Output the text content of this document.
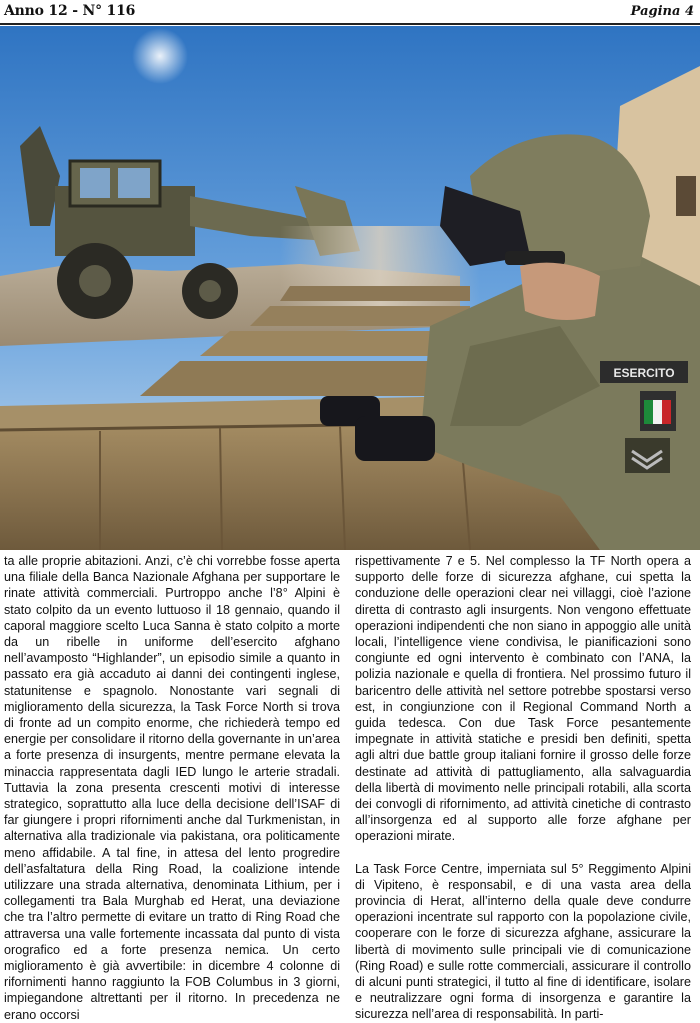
Anno 12 - N° 116	Pagina 4
ESERCITO

ta alle proprie abitazioni. Anzi, c’è chi vorrebbe fosse aperta una filiale della Banca Nazionale Afghana per supportare le rinate attività commerciali. Purtroppo anche l’8° Alpini è stato colpito da un evento luttuoso il 18 gennaio, quando il caporal maggiore scelto Luca Sanna è stato colpito a morte da un ribelle in uniforme dell’esercito afghano nell’avamposto “Highlander”, un episodio simile a quanto in passato era già accaduto ai danni dei contingenti inglese, statunitense e spagnolo. Nonostante vari segnali di miglioramento della sicurezza, la Task Force North si trova di fronte ad un compito enorme, che richiederà tempo ed energie per consolidare il ritorno della governante in un’area a forte presenza di insurgents, mentre permane elevata la minaccia rappresentata dagli IED lungo le arterie stradali. Tuttavia la zona presenta crescenti motivi di interesse strategico, soprattutto alla luce della decisione dell’ISAF di far giungere i propri rifornimenti anche dal Turkmenistan, in alternativa alla tradizionale via pakistana, ora politicamente meno affidabile. A tal fine, in attesa del lento progredire dell’asfaltatura della Ring Road, la coalizione intende utilizzare una strada alternativa, denominata Lithium, per i collegamenti tra Bala Murghab ed Herat, una deviazione che tra l’altro permette di evitare un tratto di Ring Road che attraversa una valle fortemente incassata dal punto di vista orografico ed a forte presenza nemica. Un certo miglioramento è già avvertibile: in dicembre 4 colonne di rifornimenti hanno raggiunto la FOB Columbus in 3 giorni, impiegandone altrettanti per il ritorno. In precedenza ne erano occorsi

rispettivamente 7 e 5. Nel complesso la TF North opera a supporto delle forze di sicurezza afghane, cui spetta la conduzione delle operazioni clear nei villaggi, cioè l’azione diretta di contrasto agli insurgents. Non vengono effettuate operazioni indipendenti che non siano in appoggio alle unità locali, l’intelligence viene condivisa, le pianificazioni sono congiunte ed ogni intervento è combinato con l’ANA, la polizia nazionale e quella di frontiera. Nel prossimo futuro il baricentro delle attività nel settore potrebbe spostarsi verso est, in congiunzione con il Regional Command North a guida tedesca. Con due Task Force pesantemente impegnate in attività statiche e presidi ben definiti, spetta agli altri due battle group italiani fornire il grosso delle forze destinate ad attività di pattugliamento, alla salvaguardia della libertà di movimento nelle principali rotabili, alla scorta dei convogli di rifornimento, ad attività cinetiche di contrasto all’insorgenza ed al supporto alle forze afghane per operazioni mirate.

La Task Force Centre, imperniata sul 5° Reggimento Alpini di Vipiteno, è responsabil, e di una vasta area della provincia di Herat, all’interno della quale deve condurre operazioni incentrate sul rapporto con la popolazione civile, cooperare con le forze di sicurezza afghane, assicurare la libertà di movimento sulle principali vie di comunicazione (Ring Road) e sulle rotte commerciali, assicurare il controllo di alcuni punti strategici, il tutto al fine di identificare, isolare e neutralizzare ogni forma di insorgenza e garantire la sicurezza nell’area di responsabilità. In parti-
